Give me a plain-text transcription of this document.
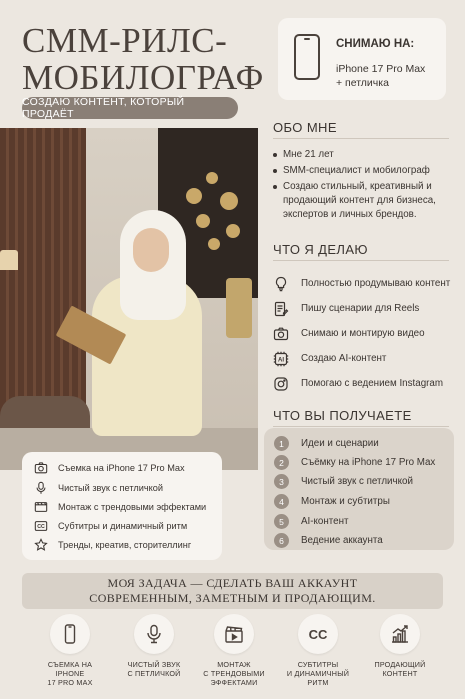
СММ-РИЛС-
МОБИЛОГРАФ
СОЗДАЮ КОНТЕНТ, КОТОРЫЙ ПРОДАЁТ
СНИМАЮ НА:
iPhone 17 Pro Max
+ петличка
ОБО МНЕ
Мне 21 лет
SMM-специалист и мобилограф
Создаю стильный, креативный и продающий контент для бизнеса, экспертов и личных брендов.
ЧТО Я ДЕЛАЮ
Полностью продумываю контент
Пишу сценарии для Reels
Снимаю и монтирую видео
AI Создаю AI-контент
Помогаю с ведением Instagram
ЧТО ВЫ ПОЛУЧАЕТЕ
1	Идеи и сценарии
2	Съёмку на iPhone 17 Pro Max
3	Чистый звук с петличкой
4	Монтаж и субтитры
5	AI-контент
6	Ведение аккаунта
Съемка на iPhone 17 Pro Max
Чистый звук с петличкой
Монтаж с трендовыми эффектами
CC Субтитры и динамичный ритм
Тренды, креатив, сторителлинг
МОЯ ЗАДАЧА — СДЕЛАТЬ ВАШ АККАУНТ
СОВРЕМЕННЫМ, ЗАМЕТНЫМ И ПРОДАЮЩИМ.
СЪЕМКА НА IPHONE
17 PRO MAX
ЧИСТЫЙ ЗВУК
С ПЕТЛИЧКОЙ
МОНТАЖ
С ТРЕНДОВЫМИ
ЭФФЕКТАМИ
CC
СУБТИТРЫ
И ДИНАМИЧНЫЙ
РИТМ
ПРОДАЮЩИЙ
КОНТЕНТ
